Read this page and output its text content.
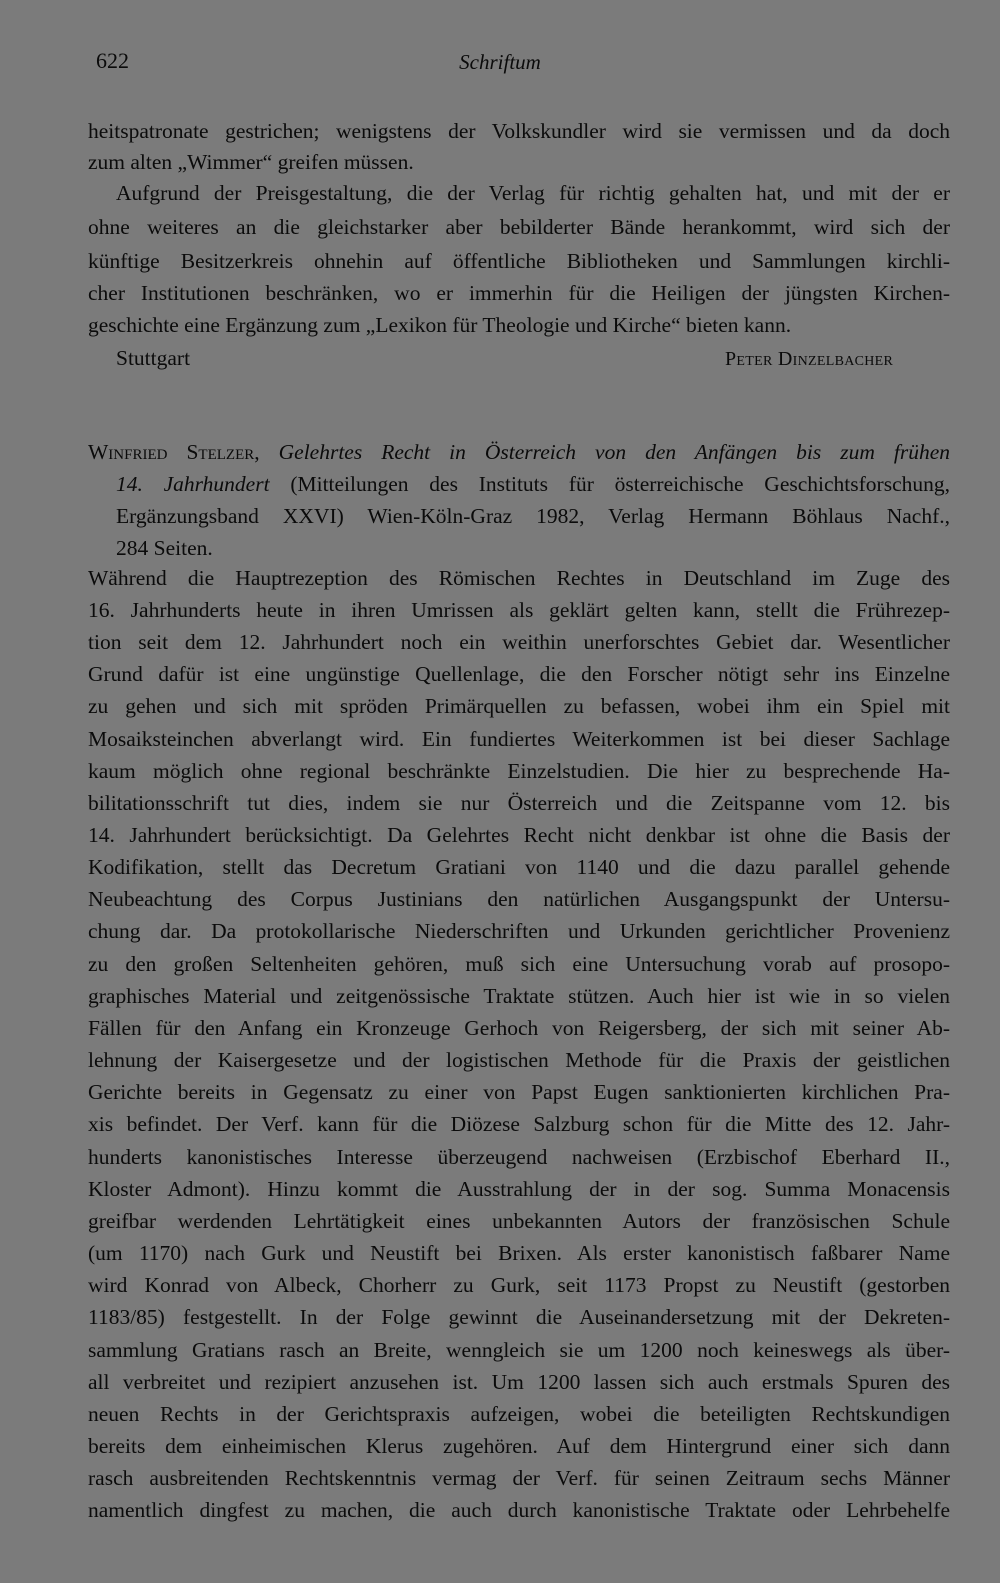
622	Schriftum
heitspatronate gestrichen; wenigstens der Volkskundler wird sie vermissen und da doch
zum alten „Wimmer“ greifen müssen.
Aufgrund der Preisgestaltung, die der Verlag für richtig gehalten hat, und mit der er
ohne weiteres an die gleichstarker aber bebilderter Bände herankommt, wird sich der
künftige Besitzerkreis ohnehin auf öffentliche Bibliotheken und Sammlungen kirchli-
cher Institutionen beschränken, wo er immerhin für die Heiligen der jüngsten Kirchen-
geschichte eine Ergänzung zum „Lexikon für Theologie und Kirche“ bieten kann.
Stuttgart	Peter Dinzelbacher
Winfried Stelzer, Gelehrtes Recht in Österreich von den Anfängen bis zum frühen
14. Jahrhundert (Mitteilungen des Instituts für österreichische Geschichtsforschung,
Ergänzungsband XXVI) Wien-Köln-Graz 1982, Verlag Hermann Böhlaus Nachf.,
284 Seiten.
Während die Hauptrezeption des Römischen Rechtes in Deutschland im Zuge des
16. Jahrhunderts heute in ihren Umrissen als geklärt gelten kann, stellt die Frührezep-
tion seit dem 12. Jahrhundert noch ein weithin unerforschtes Gebiet dar. Wesentlicher
Grund dafür ist eine ungünstige Quellenlage, die den Forscher nötigt sehr ins Einzelne
zu gehen und sich mit spröden Primärquellen zu befassen, wobei ihm ein Spiel mit
Mosaiksteinchen abverlangt wird. Ein fundiertes Weiterkommen ist bei dieser Sachlage
kaum möglich ohne regional beschränkte Einzelstudien. Die hier zu besprechende Ha-
bilitationsschrift tut dies, indem sie nur Österreich und die Zeitspanne vom 12. bis
14. Jahrhundert berücksichtigt. Da Gelehrtes Recht nicht denkbar ist ohne die Basis der
Kodifikation, stellt das Decretum Gratiani von 1140 und die dazu parallel gehende
Neubeachtung des Corpus Justinians den natürlichen Ausgangspunkt der Untersu-
chung dar. Da protokollarische Niederschriften und Urkunden gerichtlicher Provenienz
zu den großen Seltenheiten gehören, muß sich eine Untersuchung vorab auf prosopo-
graphisches Material und zeitgenössische Traktate stützen. Auch hier ist wie in so vielen
Fällen für den Anfang ein Kronzeuge Gerhoch von Reigersberg, der sich mit seiner Ab-
lehnung der Kaisergesetze und der logistischen Methode für die Praxis der geistlichen
Gerichte bereits in Gegensatz zu einer von Papst Eugen sanktionierten kirchlichen Pra-
xis befindet. Der Verf. kann für die Diözese Salzburg schon für die Mitte des 12. Jahr-
hunderts kanonistisches Interesse überzeugend nachweisen (Erzbischof Eberhard II.,
Kloster Admont). Hinzu kommt die Ausstrahlung der in der sog. Summa Monacensis
greifbar werdenden Lehrtätigkeit eines unbekannten Autors der französischen Schule
(um 1170) nach Gurk und Neustift bei Brixen. Als erster kanonistisch faßbarer Name
wird Konrad von Albeck, Chorherr zu Gurk, seit 1173 Propst zu Neustift (gestorben
1183/85) festgestellt. In der Folge gewinnt die Auseinandersetzung mit der Dekreten-
sammlung Gratians rasch an Breite, wenngleich sie um 1200 noch keineswegs als über-
all verbreitet und rezipiert anzusehen ist. Um 1200 lassen sich auch erstmals Spuren des
neuen Rechts in der Gerichtspraxis aufzeigen, wobei die beteiligten Rechtskundigen
bereits dem einheimischen Klerus zugehören. Auf dem Hintergrund einer sich dann
rasch ausbreitenden Rechtskenntnis vermag der Verf. für seinen Zeitraum sechs Männer
namentlich dingfest zu machen, die auch durch kanonistische Traktate oder Lehrbehelfe
